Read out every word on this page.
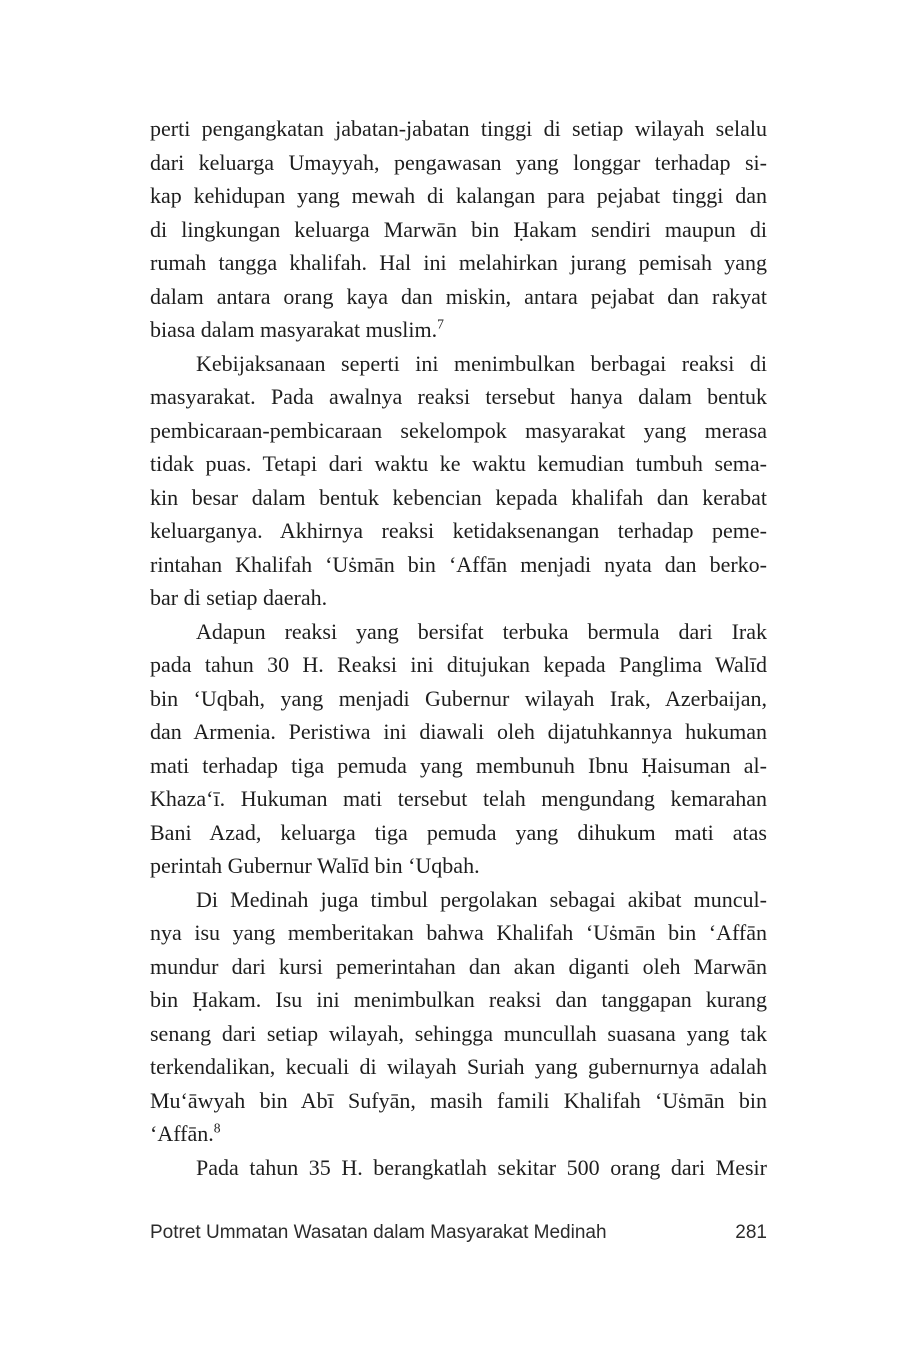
perti pengangkatan jabatan-jabatan tinggi di setiap wilayah selalu
dari keluarga Umayyah, pengawasan yang longgar terhadap si-
kap kehidupan yang mewah di kalangan para pejabat tinggi dan
di lingkungan keluarga Marwān bin Ḥakam sendiri maupun di
rumah tangga khalifah. Hal ini melahirkan jurang pemisah yang
dalam antara orang kaya dan miskin, antara pejabat dan rakyat
biasa dalam masyarakat muslim.$^7$
Kebijaksanaan seperti ini menimbulkan berbagai reaksi di
masyarakat. Pada awalnya reaksi tersebut hanya dalam bentuk
pembicaraan-pembicaraan sekelompok masyarakat yang merasa
tidak puas. Tetapi dari waktu ke waktu kemudian tumbuh sema-
kin besar dalam bentuk kebencian kepada khalifah dan kerabat
keluarganya. Akhirnya reaksi ketidaksenangan terhadap peme-
rintahan Khalifah ‘Uṡmān bin ‘Affān menjadi nyata dan berko-
bar di setiap daerah.
Adapun reaksi yang bersifat terbuka bermula dari Irak
pada tahun 30 H. Reaksi ini ditujukan kepada Panglima Walīd
bin ‘Uqbah, yang menjadi Gubernur wilayah Irak, Azerbaijan,
dan Armenia. Peristiwa ini diawali oleh dijatuhkannya hukuman
mati terhadap tiga pemuda yang membunuh Ibnu Ḥaisuman al-
Khaza‘ī. Hukuman mati tersebut telah mengundang kemarahan
Bani Azad, keluarga tiga pemuda yang dihukum mati atas
perintah Gubernur Walīd bin ‘Uqbah.
Di Medinah juga timbul pergolakan sebagai akibat muncul-
nya isu yang memberitakan bahwa Khalifah ‘Uṡmān bin ‘Affān
mundur dari kursi pemerintahan dan akan diganti oleh Marwān
bin Ḥakam. Isu ini menimbulkan reaksi dan tanggapan kurang
senang dari setiap wilayah, sehingga muncullah suasana yang tak
terkendalikan, kecuali di wilayah Suriah yang gubernurnya adalah
Mu‘āwyah bin Abī Sufyān, masih famili Khalifah ‘Uṡmān bin
‘Affān.$^8$
Pada tahun 35 H. berangkatlah sekitar 500 orang dari Mesir
Potret Ummatan Wasatan dalam Masyarakat Medinah	281
